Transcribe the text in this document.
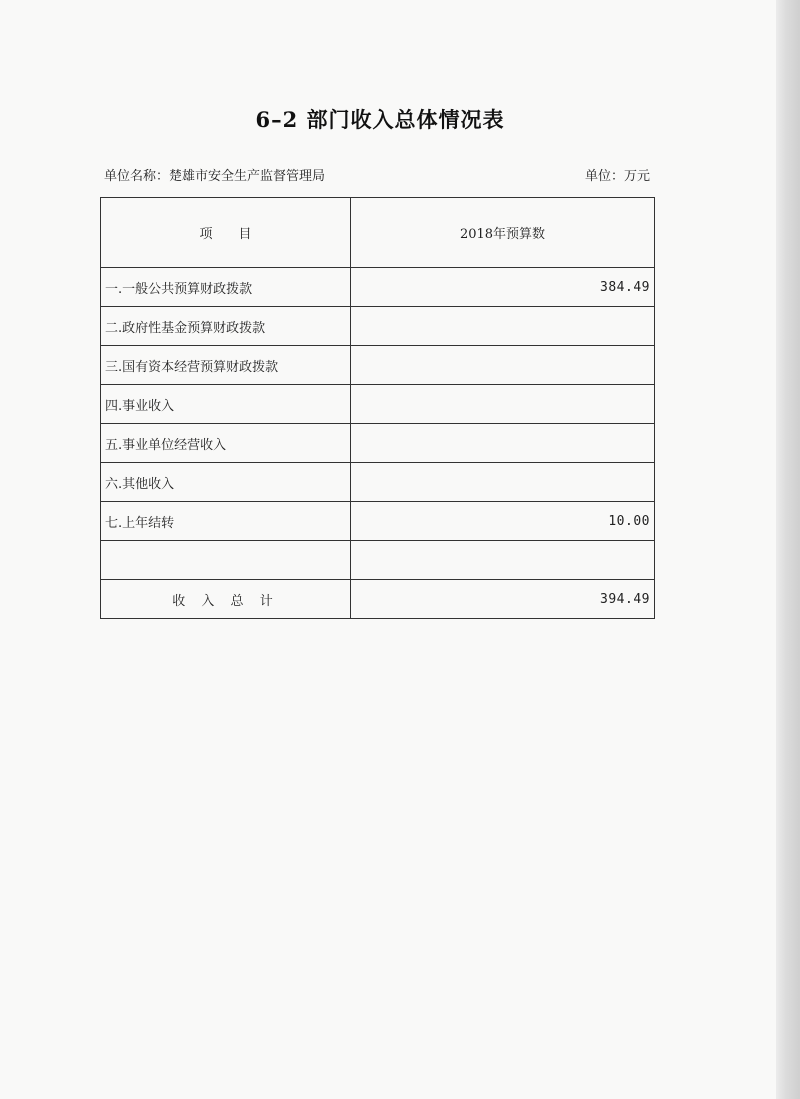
6–2 部门收入总体情况表
单位名称：楚雄市安全生产监督管理局	单位：万元
项　　目	2018年预算数
一.一般公共预算财政拨款	384.49
二.政府性基金预算财政拨款	
三.国有资本经营预算财政拨款	
四.事业收入	
五.事业单位经营收入	
六.其他收入	
七.上年结转	10.00

收 入 总 计	394.49
